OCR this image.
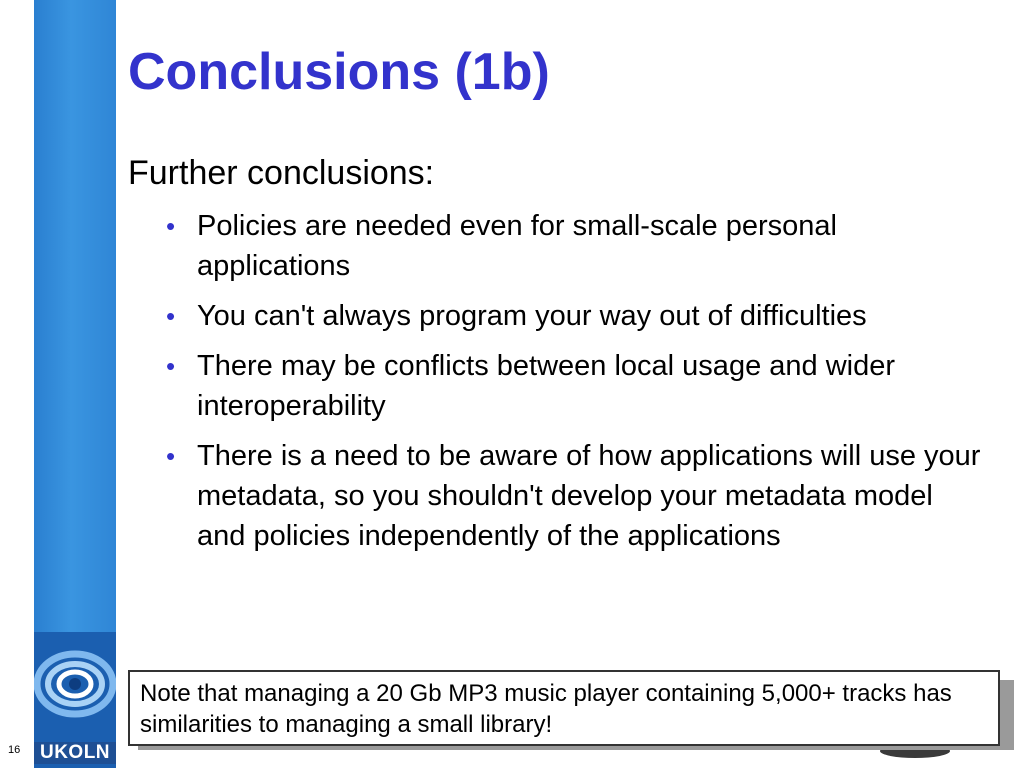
UKOLN
16
Conclusions (1b)
Further conclusions:
• Policies are needed even for small-scale personal applications
• You can't always program your way out of difficulties
• There may be conflicts between local usage and wider interoperability
• There is a need to be aware of how applications will use your metadata, so you shouldn't develop your metadata model and policies independently of the applications
Note that managing a 20 Gb MP3 music player containing 5,000+ tracks has similarities to managing a small library!
